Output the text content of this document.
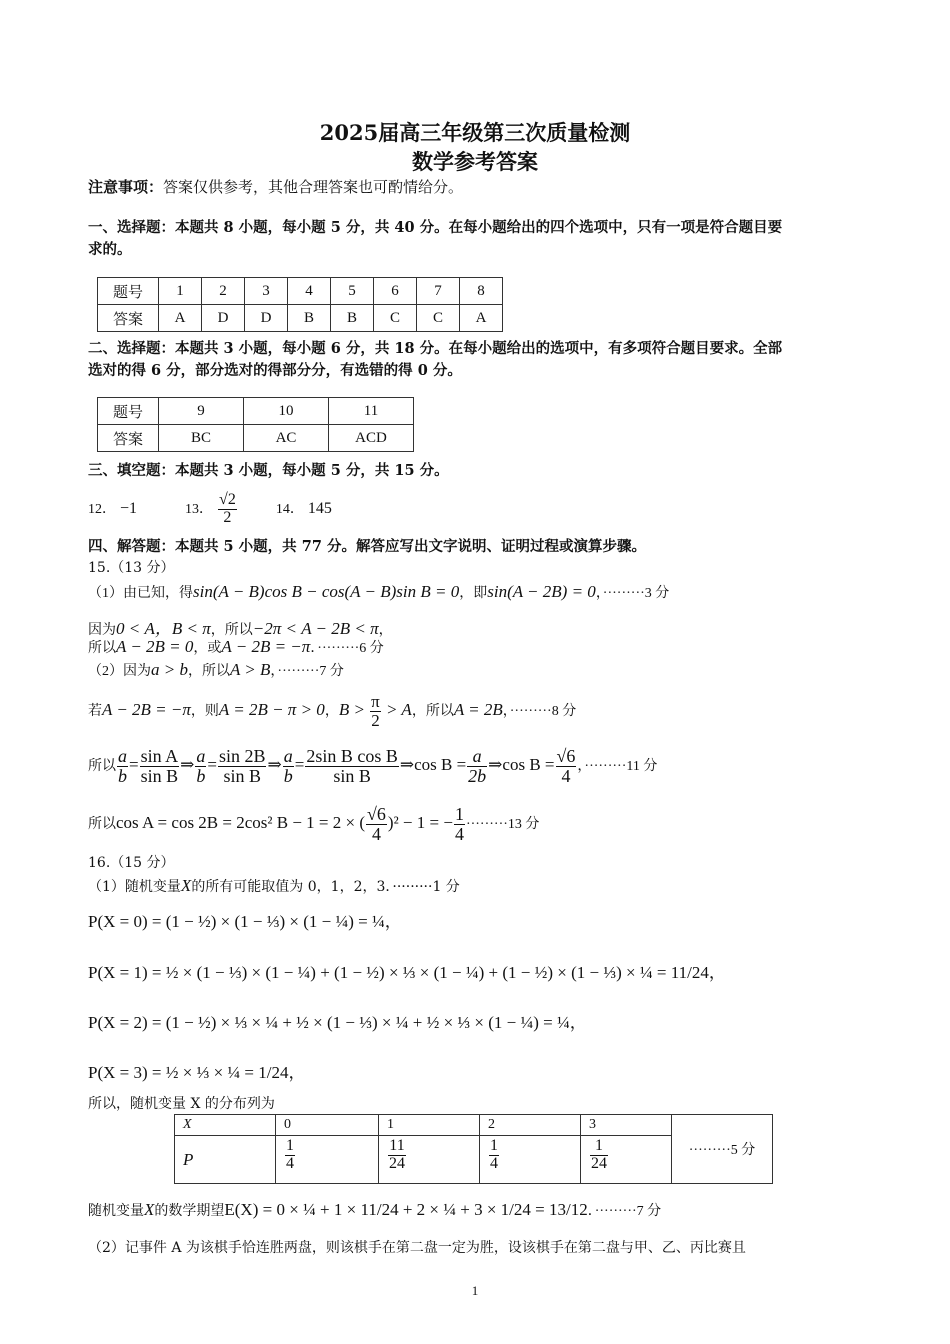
2025届高三年级第三次质量检测
数学参考答案
注意事项：答案仅供参考，其他合理答案也可酌情给分。
一、选择题：本题共 8 小题，每小题 5 分，共 40 分。在每小题给出的四个选项中，只有一项是符合题目要
求的。
题号	1	2	3	4	5	6	7	8
答案	A	D	D	B	B	C	C	A
二、选择题：本题共 3 小题，每小题 6 分，共 18 分。在每小题给出的选项中，有多项符合题目要求。全部
选对的得 6 分，部分选对的得部分分，有选错的得 0 分。
题号	9	10	11
答案	BC	AC	ACD
三、填空题：本题共 3 小题，每小题 5 分，共 15 分。
12． −1	13． $\frac{√2}{2}$	14． 145
四、解答题：本题共 5 小题，共 77 分。解答应写出文字说明、证明过程或演算步骤。
15.（13 分）
（1）由已知，得sin(A − B)cos B − cos(A − B)sin B = 0，即sin(A − 2B) = 0，·········3 分
因为0 < A，B < π，所以−2π < A − 2B < π，
所以A − 2B = 0，或A − 2B = −π．·········6 分
（2）因为a > b，所以A > B，·········7 分
若A − 2B = −π，则A = 2B − π > 0，$B > \frac{\pi}{2} > A$，所以A = 2B，·········8 分
所以 $\frac{a}{b} = \frac{\text{sin A}}{\text{sin B}}$ ⇒ $\frac{a}{b} = \frac{\sin 2B}{\text{sin B}}$ ⇒ $\frac{a}{b} = \frac{\text{2sin B cos B}}{\text{sin B}}$ ⇒cos $B = \frac{a}{2b}$ ⇒cos $B = \frac{√6}{4}$ ，·········11 分
所以cos A = cos 2B = 2cos² B − 1 = 2 × ( $\frac{√6}{4} )^2 - 1$ = − $\frac{1}{4} \cdot\cdot\cdot\cdot\cdot\cdot\cdot\cdot\cdot 13$ 分
16.（15 分）
（1）随机变量X的所有可能取值为 0，1，2，3．·········1 分
P(X = 0) = (1 − ½) × (1 − ⅓) × (1 − ¼) = ¼，
P(X = 1) = ½ × (1 − ⅓) × (1 − ¼) + (1 − ½) × ⅓ × (1 − ¼) + (1 − ½) × (1 − ⅓) × ¼ = 11/24，
P(X = 2) = (1 − ½) × ⅓ × ¼ + ½ × (1 − ⅓) × ¼ + ½ × ⅓ × (1 − ¼) = ¼，
P(X = 3) = ½ × ⅓ × ¼ = 1/24，
所以，随机变量 X 的分布列为
X	0	1	2	3	·········5 分
P	$\frac{1}{4}$	$\frac{11}{24}$	$\frac{1}{4}$	$\frac{1}{24}$
随机变量X的数学期望E(X) = 0 × ¼ + 1 × 11/24 + 2 × ¼ + 3 × 1/24 = 13/12．·········7 分
（2）记事件 A 为该棋手恰连胜两盘，则该棋手在第二盘一定为胜，设该棋手在第二盘与甲、乙、丙比赛且
1
